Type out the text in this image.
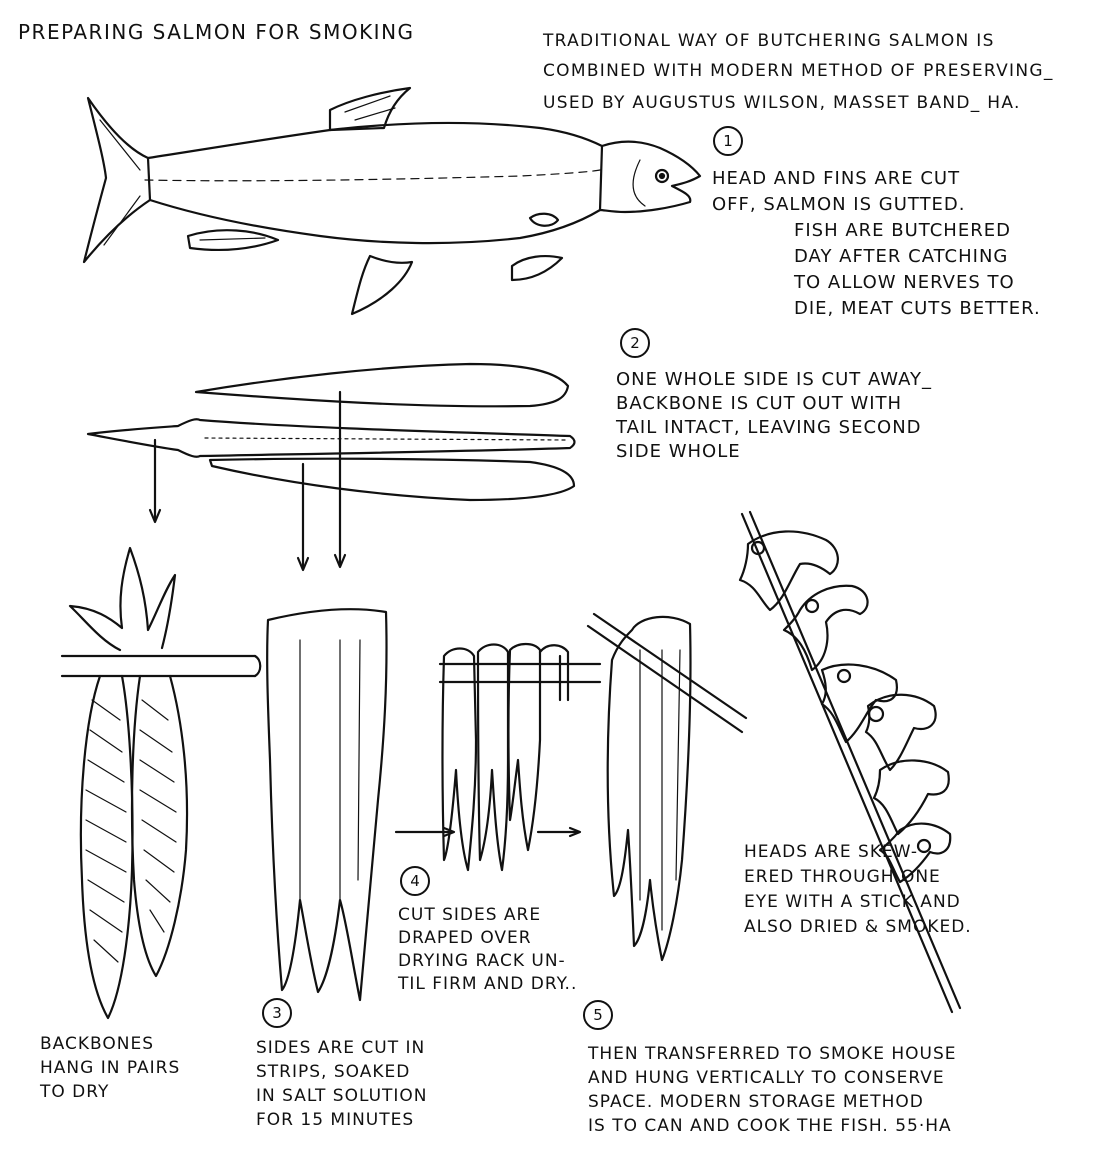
PREPARING SALMON FOR SMOKING	TRADITIONAL WAY OF BUTCHERING SALMON IS
COMBINED WITH MODERN METHOD OF PRESERVING_
USED BY AUGUSTUS WILSON, MASSET BAND_ HA.
1
HEAD AND FINS ARE CUT
OFF, SALMON IS GUTTED.
FISH ARE BUTCHERED
DAY AFTER CATCHING
TO ALLOW NERVES TO
DIE, MEAT CUTS BETTER.
2
ONE WHOLE SIDE IS CUT AWAY_
BACKBONE IS CUT OUT WITH
TAIL INTACT, LEAVING SECOND
SIDE WHOLE
4
CUT SIDES ARE
DRAPED OVER
DRYING RACK UN-
TIL FIRM AND DRY..
HEADS ARE SKEW-
ERED THROUGH ONE
EYE WITH A STICK AND
ALSO DRIED & SMOKED.
BACKBONES
HANG IN PAIRS
TO DRY
3
SIDES ARE CUT IN
STRIPS, SOAKED
IN SALT SOLUTION
FOR 15 MINUTES
5
THEN TRANSFERRED TO SMOKE HOUSE
AND HUNG VERTICALLY TO CONSERVE
SPACE. MODERN STORAGE METHOD
IS TO CAN AND COOK THE FISH. 55·HA
